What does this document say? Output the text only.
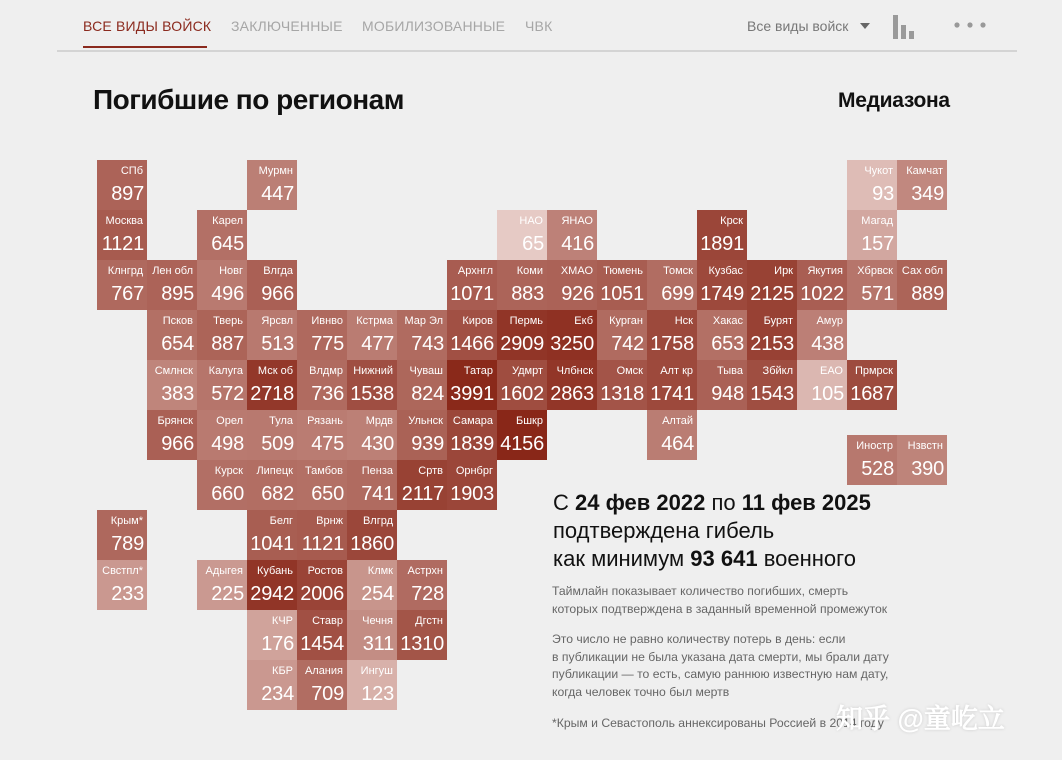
ВСЕ ВИДЫ ВОЙСК ЗАКЛЮЧЕННЫЕ МОБИЛИЗОВАННЫЕ ЧВК	Все виды войск
Погибшие по регионам	Медиазона
СПб
897
Москва
1121
Клнгрд
767
Крым*
789
Свстпл*
233
Мурмн
447
Карел
645
Лен обл
895
Новг
496
Влгда
966
Псков
654
Тверь
887
Ярсвл
513
Ивнво
775
Кстрма
477
Мар Эл
743
Киров
1466
Пермь
2909
Екб
3250
Курган
742
Нск
1758
Хакас
653
Бурят
2153
Амур
438
Смлнск
383
Калуга
572
Мск об
2718
Влдмр
736
Нижний
1538
Чуваш
824
Татар
3991
Удмрт
1602
Члбнск
2863
Омск
1318
Алт кр
1741
Тыва
948
Збйкл
1543
ЕАО
105
Прмрск
1687
Брянск
966
Орел
498
Тула
509
Рязань
475
Мрдв
430
Ульнск
939
Самара
1839
Бшкр
4156
Алтай
464
Курск
660
Липецк
682
Тамбов
650
Пенза
741
Сртв
2117
Орнбрг
1903
Белг
1041
Врнж
1121
Влгрд
1860
Адыгея
225
Кубань
2942
Ростов
2006
Клмк
254
Астрхн
728
КЧР
176
Ставр
1454
Чечня
311
Дгстн
1310
КБР
234
Алания
709
Ингуш
123
НАО
65
ЯНАО
416
Архнгл
1071
Коми
883
ХМАО
926
Тюмень
1051
Томск
699
Кузбас
1749
Ирк
2125
Якутия
1022
Хбрвск
571
Сах обл
889
Крск
1891
Чукот
93
Камчат
349
Магад
157
Иностр
528
Нзвстн
390
С 24 фев 2022 по 11 фев 2025
подтверждена гибель
как минимум 93 641 военного

Таймлайн показывает количество погибших, смерть
которых подтверждена в заданный временной промежуток

Это число не равно количеству потерь в день: если
в публикации не была указана дата смерти, мы брали дату
публикации — то есть, самую раннюю известную нам дату,
когда человек точно был мертв

*Крым и Севастополь аннексированы Россией в 2014 году

知乎 @童屹立
